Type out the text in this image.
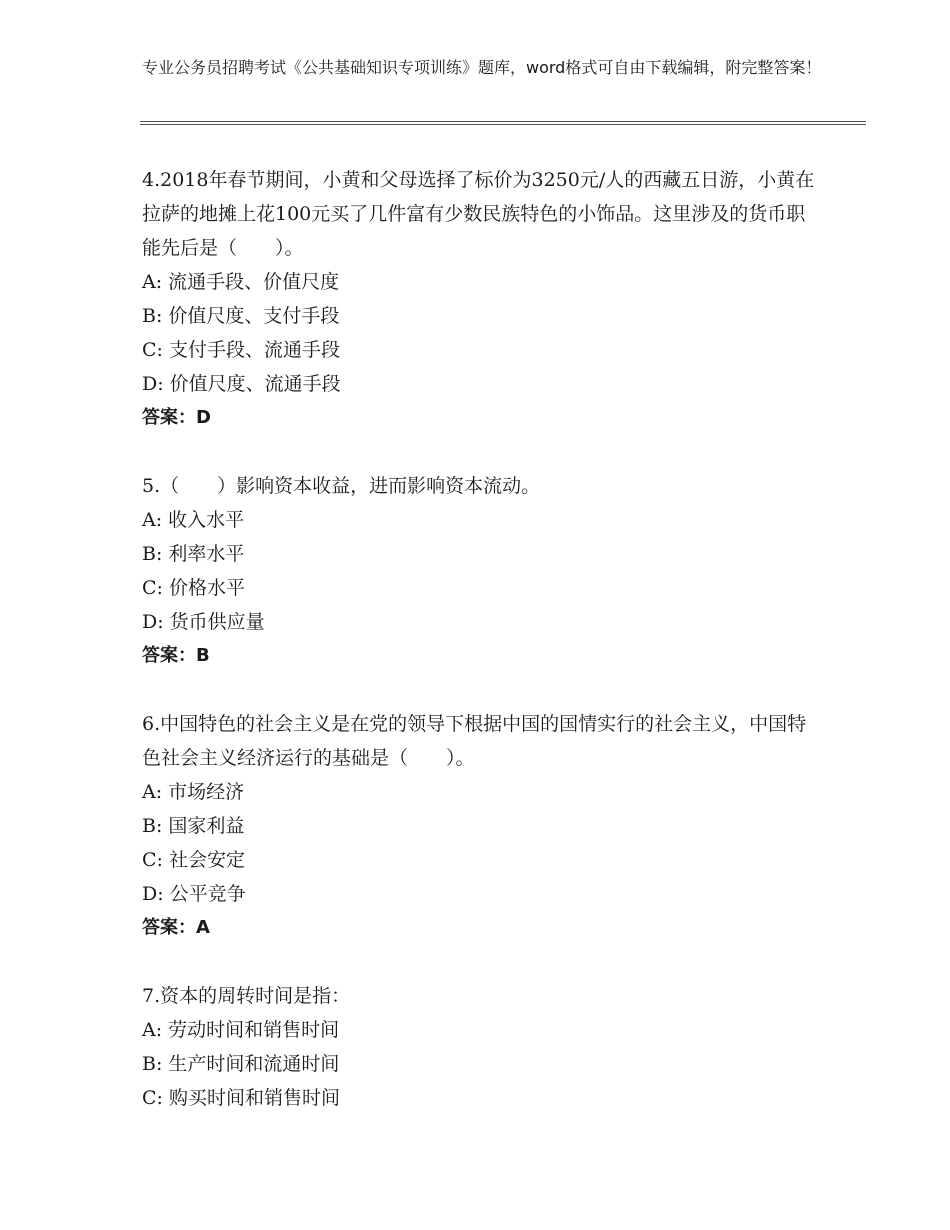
专业公务员招聘考试《公共基础知识专项训练》题库，word格式可自由下载编辑，附完整答案！
4.2018年春节期间，小黄和父母选择了标价为3250元/人的西藏五日游，小黄在拉萨的地摊上花100元买了几件富有少数民族特色的小饰品。这里涉及的货币职能先后是（　　）。
A: 流通手段、价值尺度
B: 价值尺度、支付手段
C: 支付手段、流通手段
D: 价值尺度、流通手段
答案：D
5.（　　）影响资本收益，进而影响资本流动。
A: 收入水平
B: 利率水平
C: 价格水平
D: 货币供应量
答案：B
6.中国特色的社会主义是在党的领导下根据中国的国情实行的社会主义，中国特色社会主义经济运行的基础是（　　）。
A: 市场经济
B: 国家利益
C: 社会安定
D: 公平竞争
答案：A
7.资本的周转时间是指：
A: 劳动时间和销售时间
B: 生产时间和流通时间
C: 购买时间和销售时间
